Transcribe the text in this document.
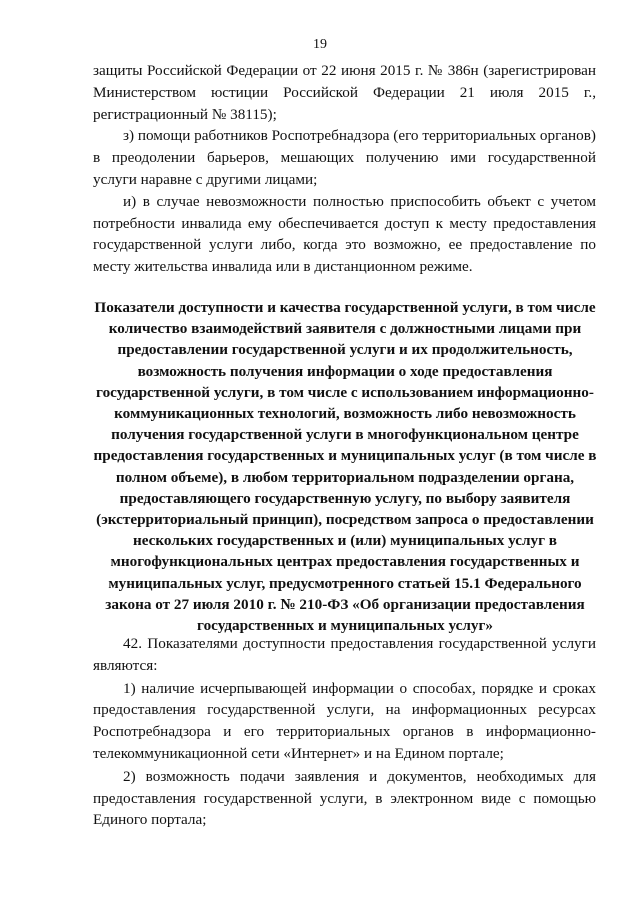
19

защиты Российской Федерации от 22 июня 2015 г. № 386н (зарегистрирован Министерством юстиции Российской Федерации 21 июля 2015 г., регистрационный № 38115);

з) помощи работников Роспотребнадзора (его территориальных органов) в преодолении барьеров, мешающих получению ими государственной услуги наравне с другими лицами;

и) в случае невозможности полностью приспособить объект с учетом потребности инвалида ему обеспечивается доступ к месту предоставления государственной услуги либо, когда это возможно, ее предоставление по месту жительства инвалида или в дистанционном режиме.

Показатели доступности и качества государственной услуги, в том числе количество взаимодействий заявителя с должностными лицами при предоставлении государственной услуги и их продолжительность, возможность получения информации о ходе предоставления государственной услуги, в том числе с использованием информационно-коммуникационных технологий, возможность либо невозможность получения государственной услуги в многофункциональном центре предоставления государственных и муниципальных услуг (в том числе в полном объеме), в любом территориальном подразделении органа, предоставляющего государственную услугу, по выбору заявителя (экстерриториальный принцип), посредством запроса о предоставлении нескольких государственных и (или) муниципальных услуг в многофункциональных центрах предоставления государственных и муниципальных услуг, предусмотренного статьей 15.1 Федерального закона от 27 июля 2010 г. № 210-ФЗ «Об организации предоставления государственных и муниципальных услуг»

42. Показателями доступности предоставления государственной услуги являются:

1) наличие исчерпывающей информации о способах, порядке и сроках предоставления государственной услуги, на информационных ресурсах Роспотребнадзора и его территориальных органов в информационно-телекоммуникационной сети «Интернет» и на Едином портале;

2) возможность подачи заявления и документов, необходимых для предоставления государственной услуги, в электронном виде с помощью Единого портала;
